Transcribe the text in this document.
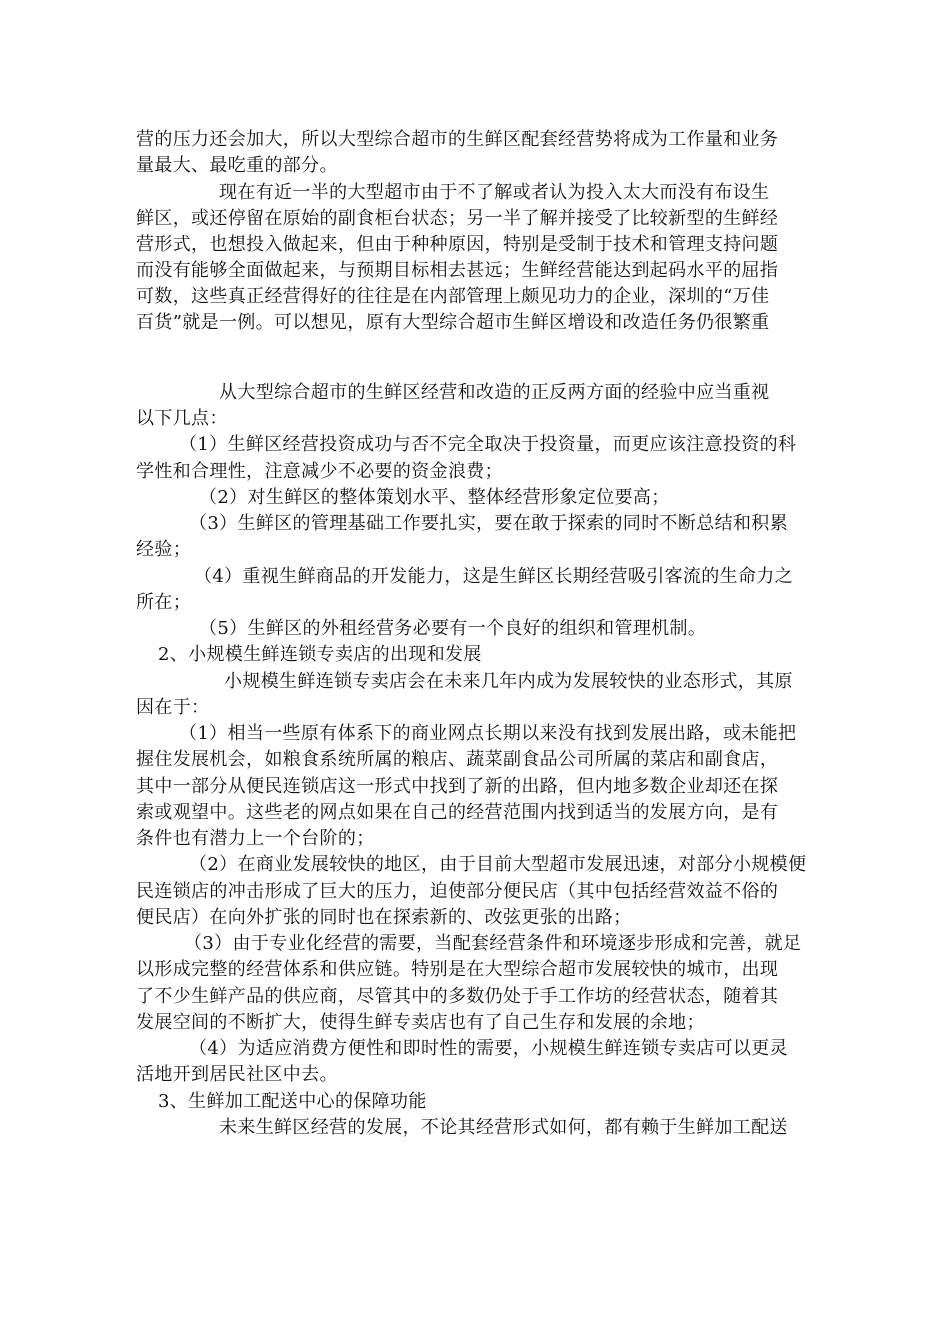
营的压力还会加大，所以大型综合超市的生鲜区配套经营势将成为工作量和业务
量最大、最吃重的部分。
现在有近一半的大型超市由于不了解或者认为投入太大而没有布设生
鲜区，或还停留在原始的副食柜台状态；另一半了解并接受了比较新型的生鲜经
营形式，也想投入做起来，但由于种种原因，特别是受制于技术和管理支持问题
而没有能够全面做起来，与预期目标相去甚远；生鲜经营能达到起码水平的屈指
可数，这些真正经营得好的往往是在内部管理上颇见功力的企业，深圳的“万佳
百货”就是一例。可以想见，原有大型综合超市生鲜区增设和改造任务仍很繁重
从大型综合超市的生鲜区经营和改造的正反两方面的经验中应当重视
以下几点：
（1）生鲜区经营投资成功与否不完全取决于投资量，而更应该注意投资的科
学性和合理性，注意减少不必要的资金浪费；
（2）对生鲜区的整体策划水平、整体经营形象定位要高；
（3）生鲜区的管理基础工作要扎实，要在敢于探索的同时不断总结和积累
经验；
（4）重视生鲜商品的开发能力，这是生鲜区长期经营吸引客流的生命力之
所在；
（5）生鲜区的外租经营务必要有一个良好的组织和管理机制。
2、小规模生鲜连锁专卖店的出现和发展
小规模生鲜连锁专卖店会在未来几年内成为发展较快的业态形式，其原
因在于：
（1）相当一些原有体系下的商业网点长期以来没有找到发展出路，或未能把
握住发展机会，如粮食系统所属的粮店、蔬菜副食品公司所属的菜店和副食店，
其中一部分从便民连锁店这一形式中找到了新的出路，但内地多数企业却还在探
索或观望中。这些老的网点如果在自己的经营范围内找到适当的发展方向，是有
条件也有潜力上一个台阶的；
（2）在商业发展较快的地区，由于目前大型超市发展迅速，对部分小规模便
民连锁店的冲击形成了巨大的压力，迫使部分便民店（其中包括经营效益不俗的
便民店）在向外扩张的同时也在探索新的、改弦更张的出路；
（3）由于专业化经营的需要，当配套经营条件和环境逐步形成和完善，就足
以形成完整的经营体系和供应链。特别是在大型综合超市发展较快的城市，出现
了不少生鲜产品的供应商，尽管其中的多数仍处于手工作坊的经营状态，随着其
发展空间的不断扩大，使得生鲜专卖店也有了自己生存和发展的余地；
（4）为适应消费方便性和即时性的需要，小规模生鲜连锁专卖店可以更灵
活地开到居民社区中去。
3、生鲜加工配送中心的保障功能
未来生鲜区经营的发展，不论其经营形式如何，都有赖于生鲜加工配送
